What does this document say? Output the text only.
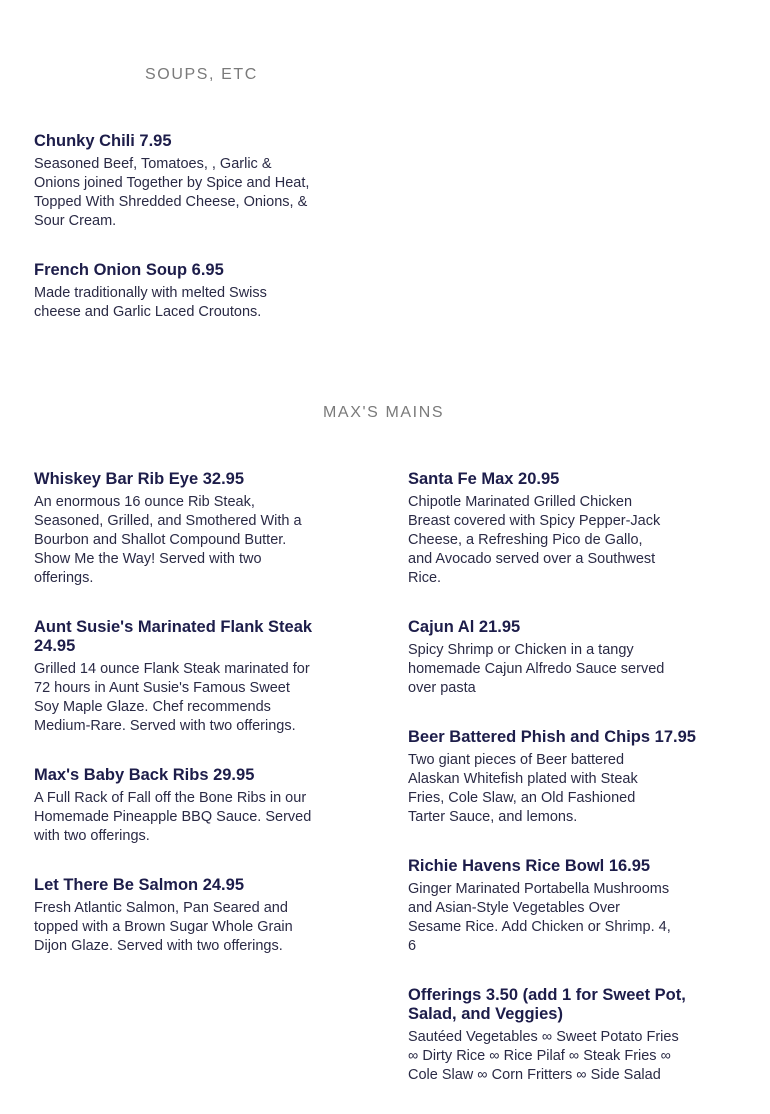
SOUPS, ETC

Chunky Chili 7.95

Seasoned Beef, Tomatoes, , Garlic & Onions joined Together by Spice and Heat, Topped With Shredded Cheese, Onions, & Sour Cream.

French Onion Soup 6.95

Made traditionally with melted Swiss cheese and Garlic Laced Croutons.

MAX'S MAINS

Whiskey Bar Rib Eye 32.95

An enormous 16 ounce Rib Steak, Seasoned, Grilled, and Smothered With a Bourbon and Shallot Compound Butter. Show Me the Way! Served with two offerings.

Aunt Susie's Marinated Flank Steak 24.95

Grilled 14 ounce Flank Steak marinated for 72 hours in Aunt Susie's Famous Sweet Soy Maple Glaze. Chef recommends Medium-Rare. Served with two offerings.

Max's Baby Back Ribs 29.95

A Full Rack of Fall off the Bone Ribs in our Homemade Pineapple BBQ Sauce. Served with two offerings.

Let There Be Salmon 24.95

Fresh Atlantic Salmon, Pan Seared and topped with a Brown Sugar Whole Grain Dijon Glaze. Served with two offerings.

Santa Fe Max 20.95

Chipotle Marinated Grilled Chicken Breast covered with Spicy Pepper-Jack Cheese, a Refreshing Pico de Gallo, and Avocado served over a Southwest Rice.

Cajun Al 21.95

Spicy Shrimp or Chicken in a tangy homemade Cajun Alfredo Sauce served over pasta

Beer Battered Phish and Chips 17.95

Two giant pieces of Beer battered Alaskan Whitefish plated with Steak Fries, Cole Slaw, an Old Fashioned Tarter Sauce, and lemons.

Richie Havens Rice Bowl 16.95

Ginger Marinated Portabella Mushrooms and Asian-Style Vegetables Over Sesame Rice. Add Chicken or Shrimp. 4, 6

Offerings 3.50 (add 1 for Sweet Pot, Salad, and Veggies)

Sautéed Vegetables ∞ Sweet Potato Fries ∞ Dirty Rice ∞ Rice Pilaf ∞ Steak Fries ∞ Cole Slaw ∞ Corn Fritters ∞ Side Salad
